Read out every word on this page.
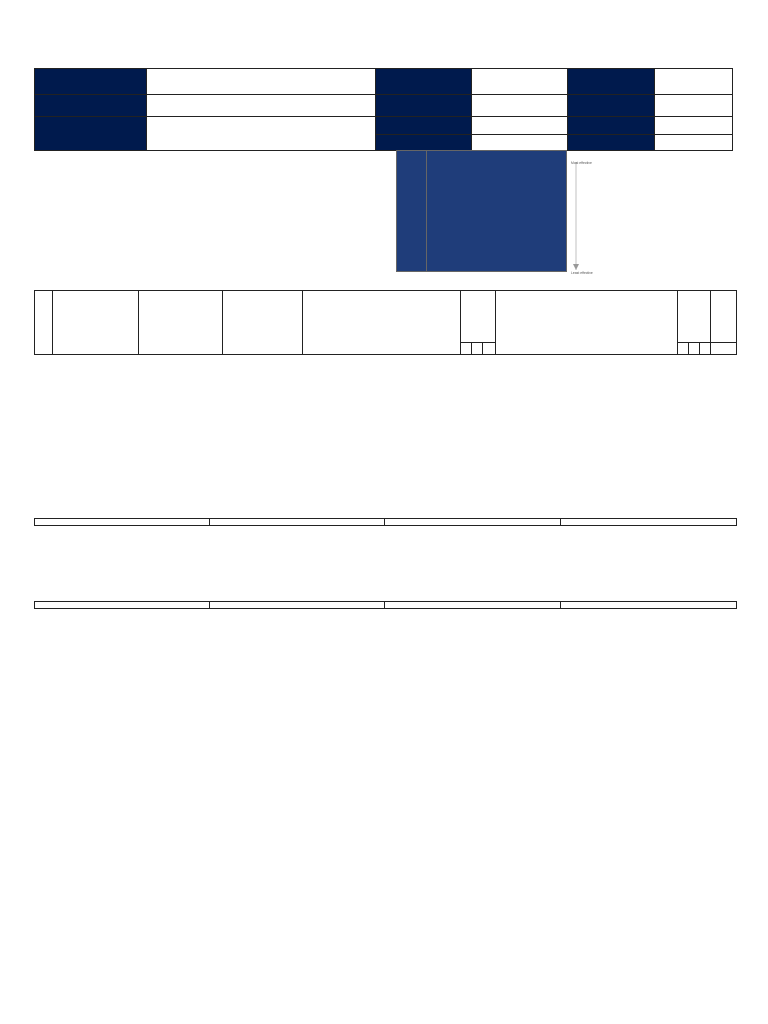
Most effective
Least effective
